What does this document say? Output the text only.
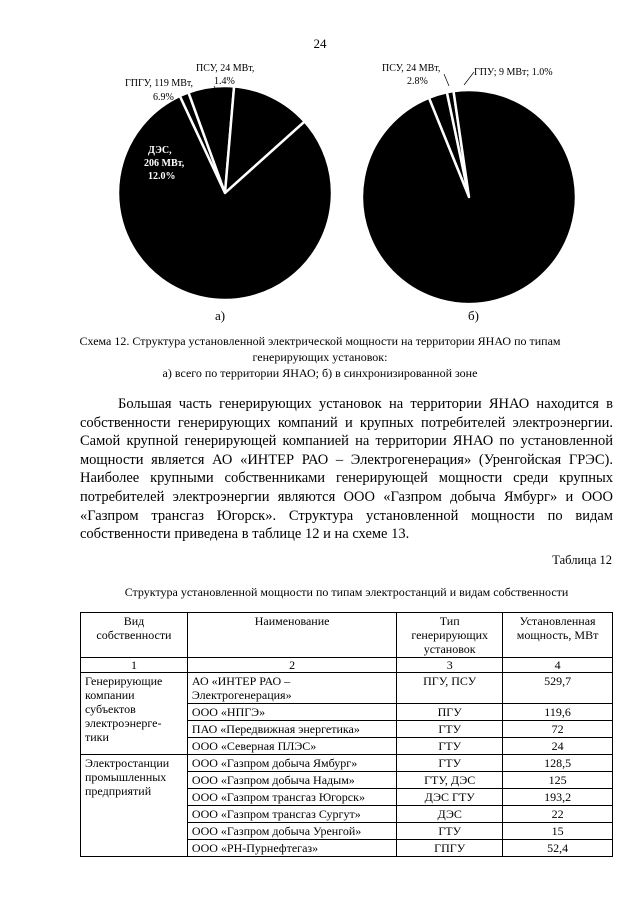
24
ПСУ, 24 МВт,
1.4%
ГПГУ, 119 МВт,
6.9%
ДЭС,
206 МВт,
12.0%
ПСУ, 24 МВт,
2.8%
ГПУ; 9 МВт; 1.0%
а)	б)
Схема 12. Структура установленной электрической мощности на территории ЯНАО по типам
генерирующих установок:
а) всего по территории ЯНАО; б) в синхронизированной зоне

Большая часть генерирующих установок на территории ЯНАО находится в собственности генерирующих компаний и крупных потребителей электроэнергии. Самой крупной генерирующей компанией на территории ЯНАО по установленной мощности является АО «ИНТЕР РАО – Электрогенерация» (Уренгойская ГРЭС). Наиболее крупными собственниками генерирующей мощности среди крупных потребителей электроэнергии являются ООО «Газпром добыча Ямбург» и ООО «Газпром трансгаз Югорск». Структура установленной мощности по видам собственности приведена в таблице 12 и на схеме 13.

Таблица 12
Структура установленной мощности по типам электростанций и видам собственности
Вид собственности	Наименование	Тип генерирующих установок	Установленная мощность, МВт
1	2	3	4
Генерирующие компании субъектов электроэнерге-тики	АО «ИНТЕР РАО – Электрогенерация»	ПГУ, ПСУ	529,7
	ООО «НПГЭ»	ПГУ	119,6
	ПАО «Передвижная энергетика»	ГТУ	72
	ООО «Северная ПЛЭС»	ГТУ	24
Электростанции промышленных предприятий	ООО «Газпром добыча Ямбург»	ГТУ	128,5
	ООО «Газпром добыча Надым»	ГТУ, ДЭС	125
	ООО «Газпром трансгаз Югорск»	ДЭС ГТУ	193,2
	ООО «Газпром трансгаз Сургут»	ДЭС	22
	ООО «Газпром добыча Уренгой»	ГТУ	15
	ООО «РН-Пурнефтегаз»	ГПГУ	52,4
